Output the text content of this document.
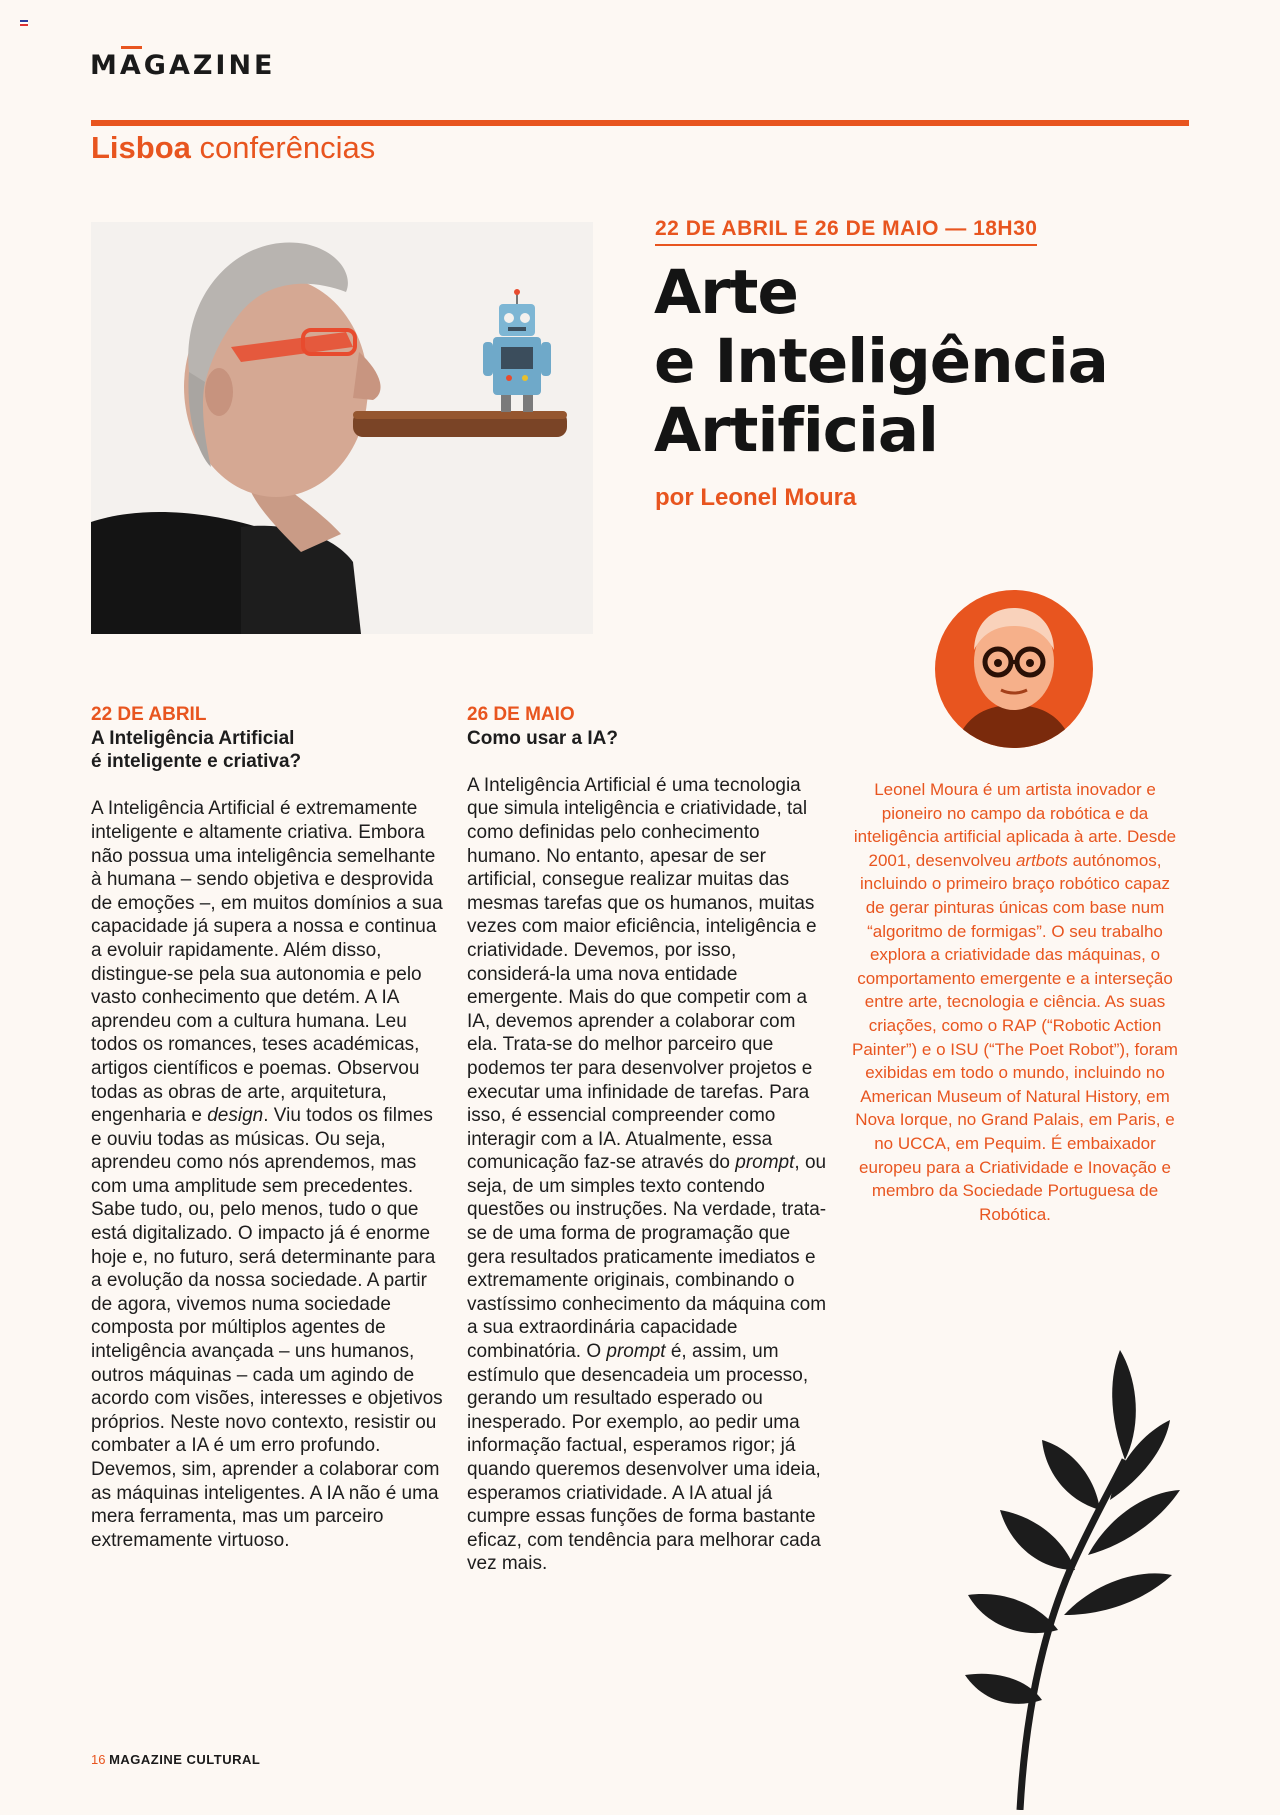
MAGAZINE
Lisboa conferências
22 DE ABRIL E 26 DE MAIO — 18H30
Arte
e Inteligência
Artificial
por Leonel Moura
22 DE ABRIL
A Inteligência Artificial
é inteligente e criativa?

A Inteligência Artificial é extremamente inteligente e altamente criativa. Embora não possua uma inteligência semelhante à humana – sendo objetiva e desprovida de emoções –, em muitos domínios a sua capacidade já supera a nossa e continua a evoluir rapidamente. Além disso, distingue-se pela sua autonomia e pelo vasto conhecimento que detém. A IA aprendeu com a cultura humana. Leu todos os romances, teses académicas, artigos científicos e poemas. Observou todas as obras de arte, arquitetura, engenharia e design. Viu todos os filmes e ouviu todas as músicas. Ou seja, aprendeu como nós aprendemos, mas com uma amplitude sem precedentes. Sabe tudo, ou, pelo menos, tudo o que está digitalizado. O impacto já é enorme hoje e, no futuro, será determinante para a evolução da nossa sociedade. A partir de agora, vivemos numa sociedade composta por múltiplos agentes de inteligência avançada – uns humanos, outros máquinas – cada um agindo de acordo com visões, interesses e objetivos próprios. Neste novo contexto, resistir ou combater a IA é um erro profundo. Devemos, sim, aprender a colaborar com as máquinas inteligentes. A IA não é uma mera ferramenta, mas um parceiro extremamente virtuoso.

26 DE MAIO
Como usar a IA?

A Inteligência Artificial é uma tecnologia que simula inteligência e criatividade, tal como definidas pelo conhecimento humano. No entanto, apesar de ser artificial, consegue realizar muitas das mesmas tarefas que os humanos, muitas vezes com maior eficiência, inteligência e criatividade. Devemos, por isso, considerá-la uma nova entidade emergente. Mais do que competir com a IA, devemos aprender a colaborar com ela. Trata-se do melhor parceiro que podemos ter para desenvolver projetos e executar uma infinidade de tarefas. Para isso, é essencial compreender como interagir com a IA. Atualmente, essa comunicação faz-se através do prompt, ou seja, de um simples texto contendo questões ou instruções. Na verdade, trata-se de uma forma de programação que gera resultados praticamente imediatos e extremamente originais, combinando o vastíssimo conhecimento da máquina com a sua extraordinária capacidade combinatória. O prompt é, assim, um estímulo que desencadeia um processo, gerando um resultado esperado ou inesperado. Por exemplo, ao pedir uma informação factual, esperamos rigor; já quando queremos desenvolver uma ideia, esperamos criatividade. A IA atual já cumpre essas funções de forma bastante eficaz, com tendência para melhorar cada vez mais.

Leonel Moura é um artista inovador e pioneiro no campo da robótica e da inteligência artificial aplicada à arte. Desde 2001, desenvolveu artbots autónomos, incluindo o primeiro braço robótico capaz de gerar pinturas únicas com base num “algoritmo de formigas”. O seu trabalho explora a criatividade das máquinas, o comportamento emergente e a interseção entre arte, tecnologia e ciência. As suas criações, como o RAP (“Robotic Action Painter”) e o ISU (“The Poet Robot”), foram exibidas em todo o mundo, incluindo no American Museum of Natural History, em Nova Iorque, no Grand Palais, em Paris, e no UCCA, em Pequim. É embaixador europeu para a Criatividade e Inovação e membro da Sociedade Portuguesa de Robótica.
16 MAGAZINE CULTURAL
